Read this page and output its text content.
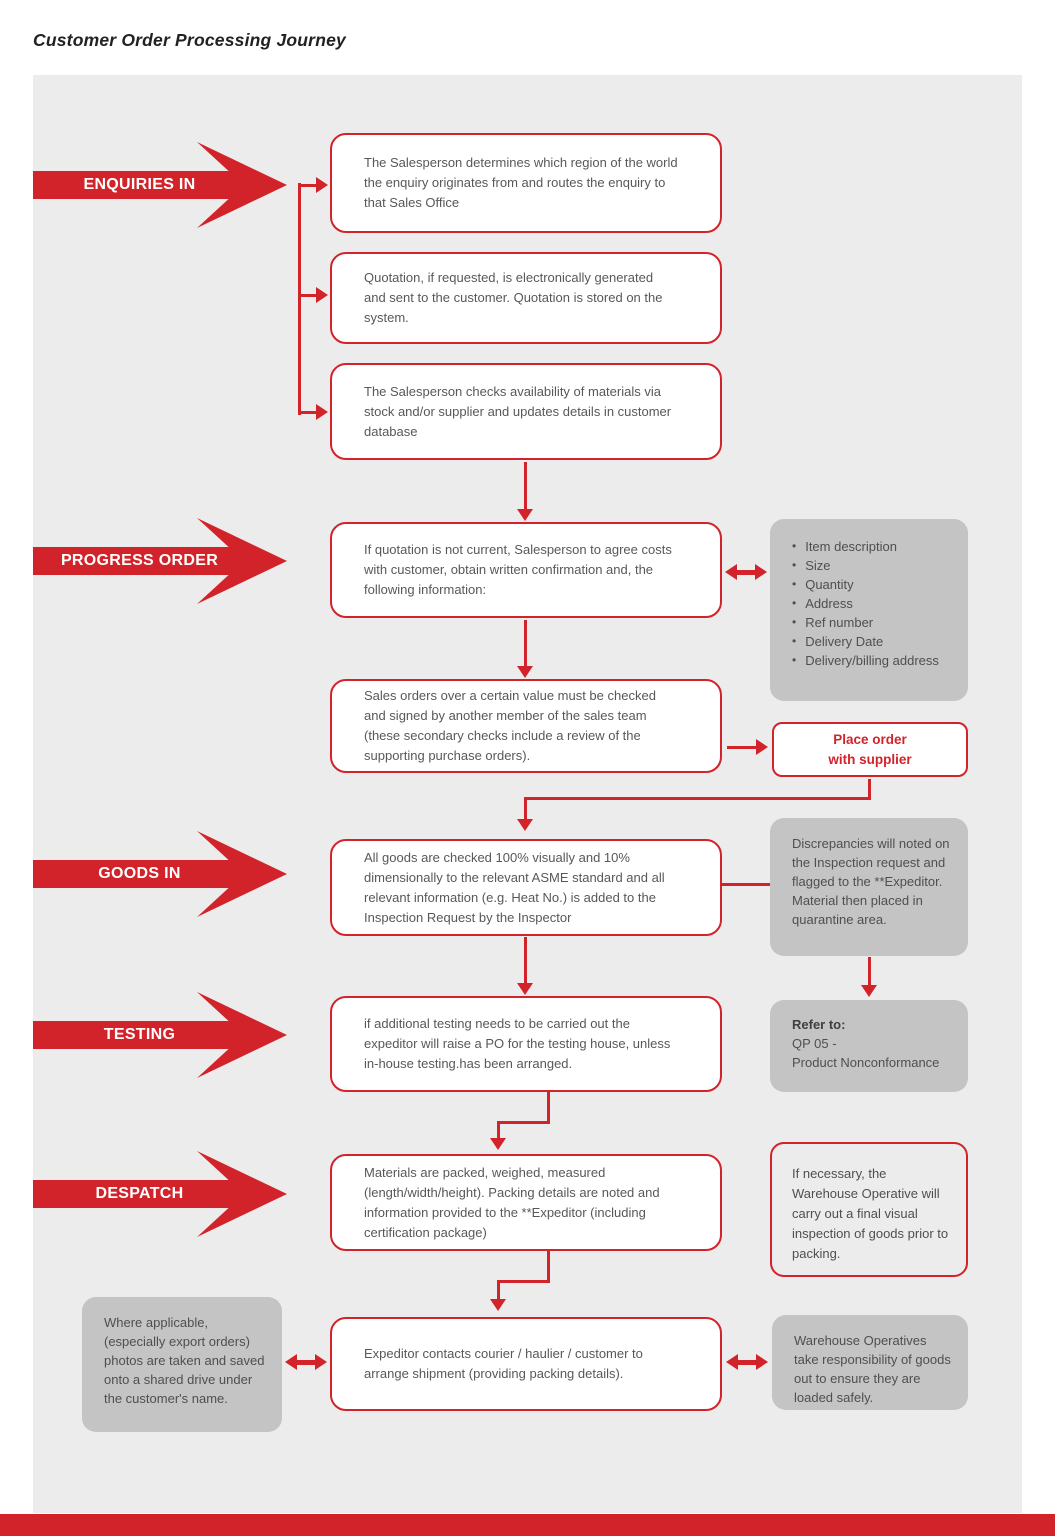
Customer Order Processing Journey
ENQUIRIES IN
PROGRESS ORDER
GOODS IN
TESTING
DESPATCH
The Salesperson determines which region of the world the enquiry originates from and routes the enquiry to that Sales Office
Quotation, if requested, is electronically generated and sent to the customer. Quotation is stored on the system.
The Salesperson checks availability of materials via stock and/or supplier and updates details in customer database
If quotation is not current, Salesperson to agree costs with customer, obtain written confirmation and, the following information:
Sales orders over a certain value must be checked and signed by another member of the sales team (these secondary checks include a review of the supporting purchase orders).
All goods are checked 100% visually and 10% dimensionally to the relevant ASME standard and all relevant information (e.g. Heat No.) is added to the Inspection Request by the Inspector
if additional testing needs to be carried out the expeditor will raise a PO for the testing house, unless in-house testing.has been arranged.
Materials are packed, weighed, measured (length/width/height). Packing details are noted and information provided to the **Expeditor (including certification package)
Expeditor contacts courier / haulier / customer to arrange shipment (providing packing details).
Place order
with supplier
• Item description
• Size
• Quantity
• Address
• Ref number
• Delivery Date
• Delivery/billing address
Discrepancies will noted on the Inspection request and flagged to the **Expeditor. Material then placed in quarantine area.
Refer to:
QP 05 -
Product Nonconformance
If necessary, the Warehouse Operative will carry out a final visual inspection of goods prior to packing.
Where applicable, (especially export orders) photos are taken and saved onto a shared drive under the customer's name.
Warehouse Operatives take responsibility of goods out to ensure they are loaded safely.
